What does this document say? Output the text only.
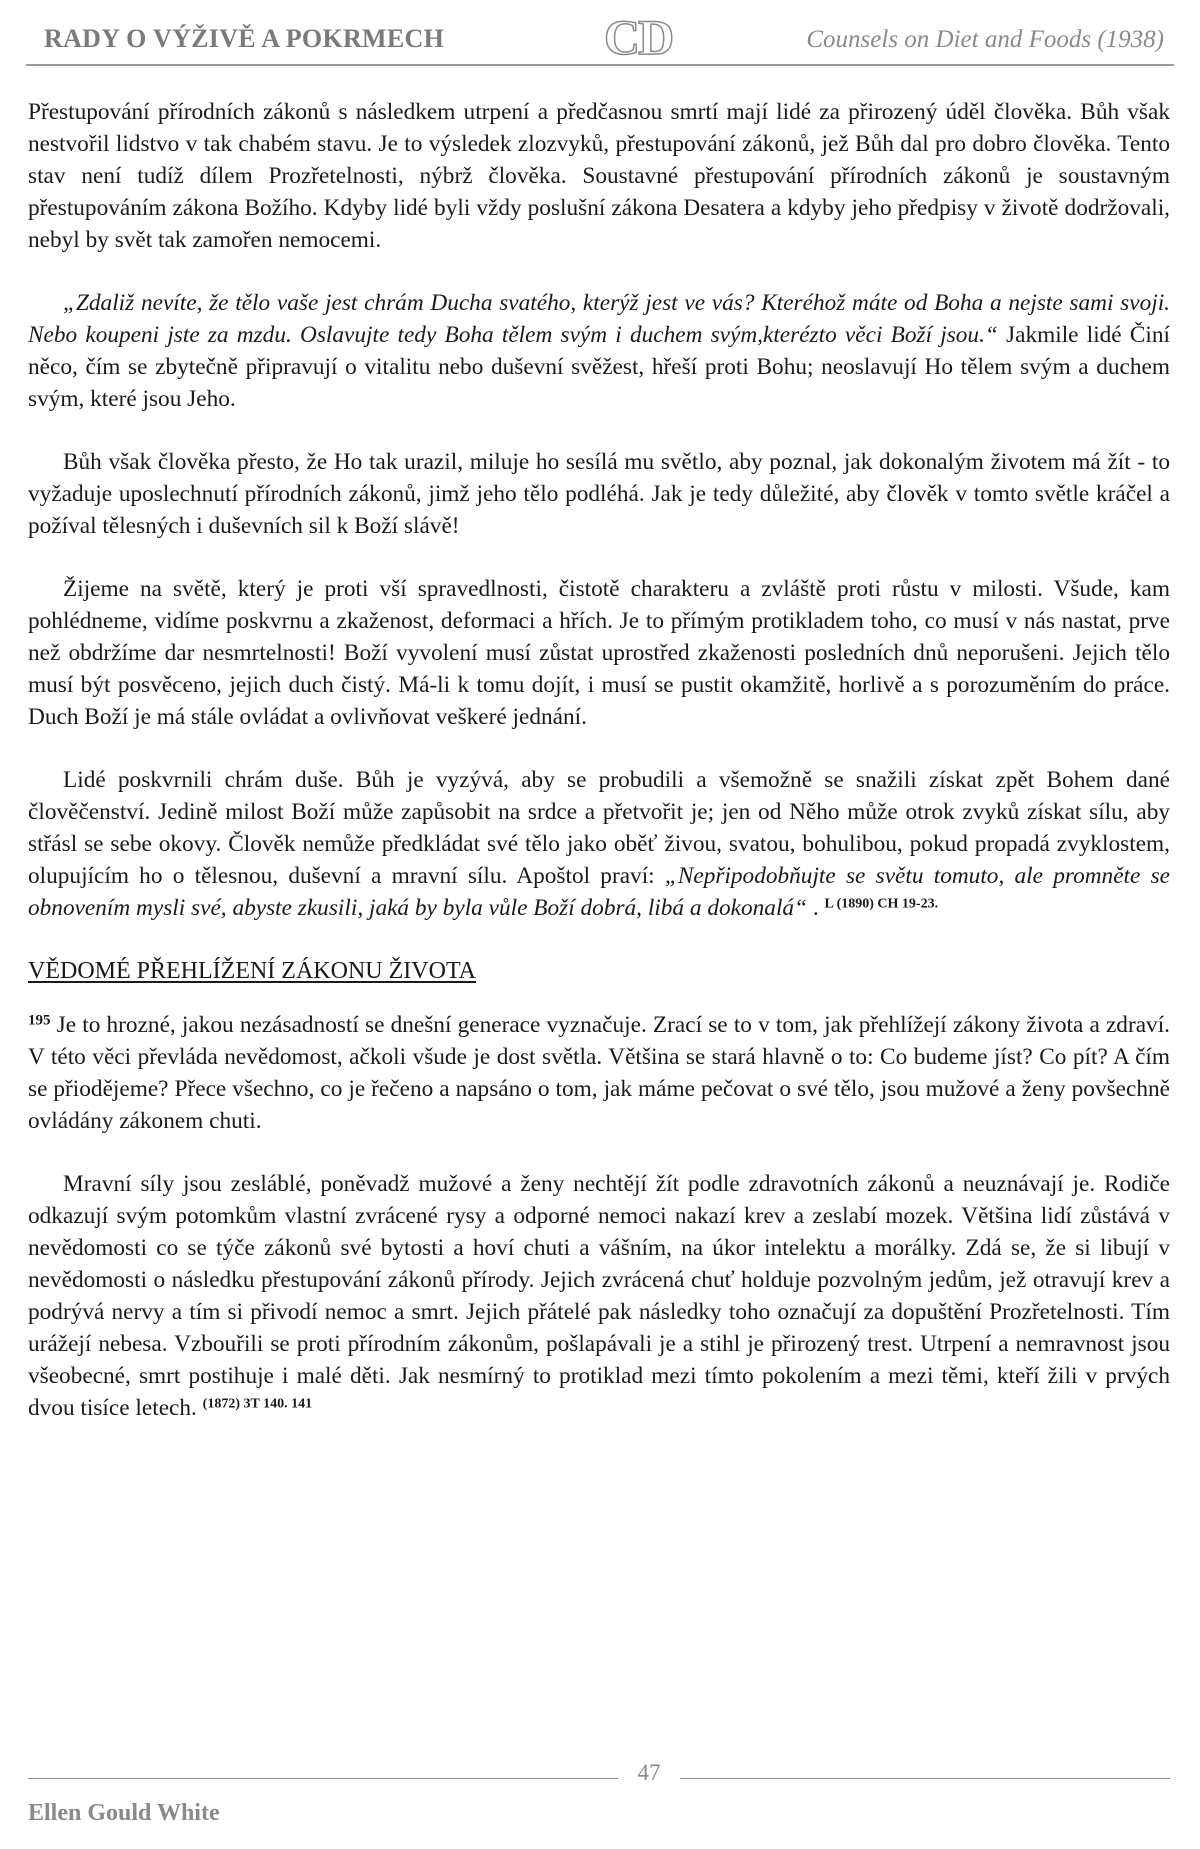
RADY O VÝŽIVĚ A POKRMECH	CD	Counsels on Diet and Foods (1938)

Přestupování přírodních zákonů s následkem utrpení a předčasnou smrtí mají lidé za přirozený úděl člověka. Bůh však nestvořil lidstvo v tak chabém stavu. Je to výsledek zlozvyků, přestupování zákonů, jež Bůh dal pro dobro člověka. Tento stav není tudíž dílem Prozřetelnosti, nýbrž člověka. Soustavné přestupování přírodních zákonů je soustavným přestupováním zákona Božího. Kdyby lidé byli vždy poslušní zákona Desatera a kdyby jeho předpisy v životě dodržovali, nebyl by svět tak zamořen nemocemi.

„Zdaliž nevíte, že tělo vaše jest chrám Ducha svatého, kterýž jest ve vás? Kteréhož máte od Boha a nejste sami svoji. Nebo koupeni jste za mzdu. Oslavujte tedy Boha tělem svým i duchem svým,kterézto věci Boží jsou.“ Jakmile lidé Činí něco, čím se zbytečně připravují o vitalitu nebo duševní svěžest, hřeší proti Bohu; neoslavují Ho tělem svým a duchem svým, které jsou Jeho.

Bůh však člověka přesto, že Ho tak urazil, miluje ho sesílá mu světlo, aby poznal, jak dokonalým životem má žít - to vyžaduje uposlechnutí přírodních zákonů, jimž jeho tělo podléhá. Jak je tedy důležité, aby člověk v tomto světle kráčel a požíval tělesných i duševních sil k Boží slávě!

Žijeme na světě, který je proti vší spravedlnosti, čistotě charakteru a zvláště proti růstu v milosti. Všude, kam pohlédneme, vidíme poskvrnu a zkaženost, deformaci a hřích. Je to přímým protikladem toho, co musí v nás nastat, prve než obdržíme dar nesmrtelnosti! Boží vyvolení musí zůstat uprostřed zkaženosti posledních dnů neporušeni. Jejich tělo musí být posvěceno, jejich duch čistý. Má-li k tomu dojít, i musí se pustit okamžitě, horlivě a s porozuměním do práce. Duch Boží je má stále ovládat a ovlivňovat veškeré jednání.

Lidé poskvrnili chrám duše. Bůh je vyzývá, aby se probudili a všemožně se snažili získat zpět Bohem dané člověčenství. Jedině milost Boží může zapůsobit na srdce a přetvořit je; jen od Něho může otrok zvyků získat sílu, aby střásl se sebe okovy. Člověk nemůže předkládat své tělo jako oběť živou, svatou, bohulibou, pokud propadá zvyklostem, olupujícím ho o tělesnou, duševní a mravní sílu. Apoštol praví: „Nepřipodobňujte se světu tomuto, ale promněte se obnovením mysli své, abyste zkusili, jaká by byla vůle Boží dobrá, libá a dokonalá“ . $^{L (1890) CH 19-23.}$

VĚDOMÉ PŘEHLÍŽENÍ ZÁKONU ŽIVOTA

$^{195}$ Je to hrozné, jakou nezásadností se dnešní generace vyznačuje. Zrací se to v tom, jak přehlížejí zákony života a zdraví. V této věci převláda nevědomost, ačkoli všude je dost světla. Většina se stará hlavně o to: Co budeme jíst? Co pít? A čím se přioděјeme? Přece všechno, co je řečeno a napsáno o tom, jak máme pečovat o své tělo, jsou mužové a ženy povšechně ovládány zákonem chuti.

Mravní síly jsou zesláblé, poněvadž mužové a ženy nechtějí žít podle zdravotních zákonů a neuznávají je. Rodiče odkazují svým potomkům vlastní zvrácené rysy a odporné nemoci nakazí krev a zeslabí mozek. Většina lidí zůstává v nevědomosti co se týče zákonů své bytosti a hoví chuti a vášním, na úkor intelektu a morálky. Zdá se, že si libují v nevědomosti o následku přestupování zákonů přírody. Jejich zvrácená chuť holduje pozvolným jedům, jež otravují krev a podrývá nervy a tím si přivodí nemoc a smrt. Jejich přátelé pak následky toho označují za dopuštění Prozřetelnosti. Tím urážejí nebesa. Vzbouřili se proti přírodním zákonům, pošlapávali je a stihl je přirozený trest. Utrpení a nemravnost jsou všeobecné, smrt postihuje i malé děti. Jak nesmírný to protiklad mezi tímto pokolením a mezi těmi, kteří žili v prvých dvou tisíce letech. $^{(1872) 3T 140. 141}$

47
Ellen Gould White
